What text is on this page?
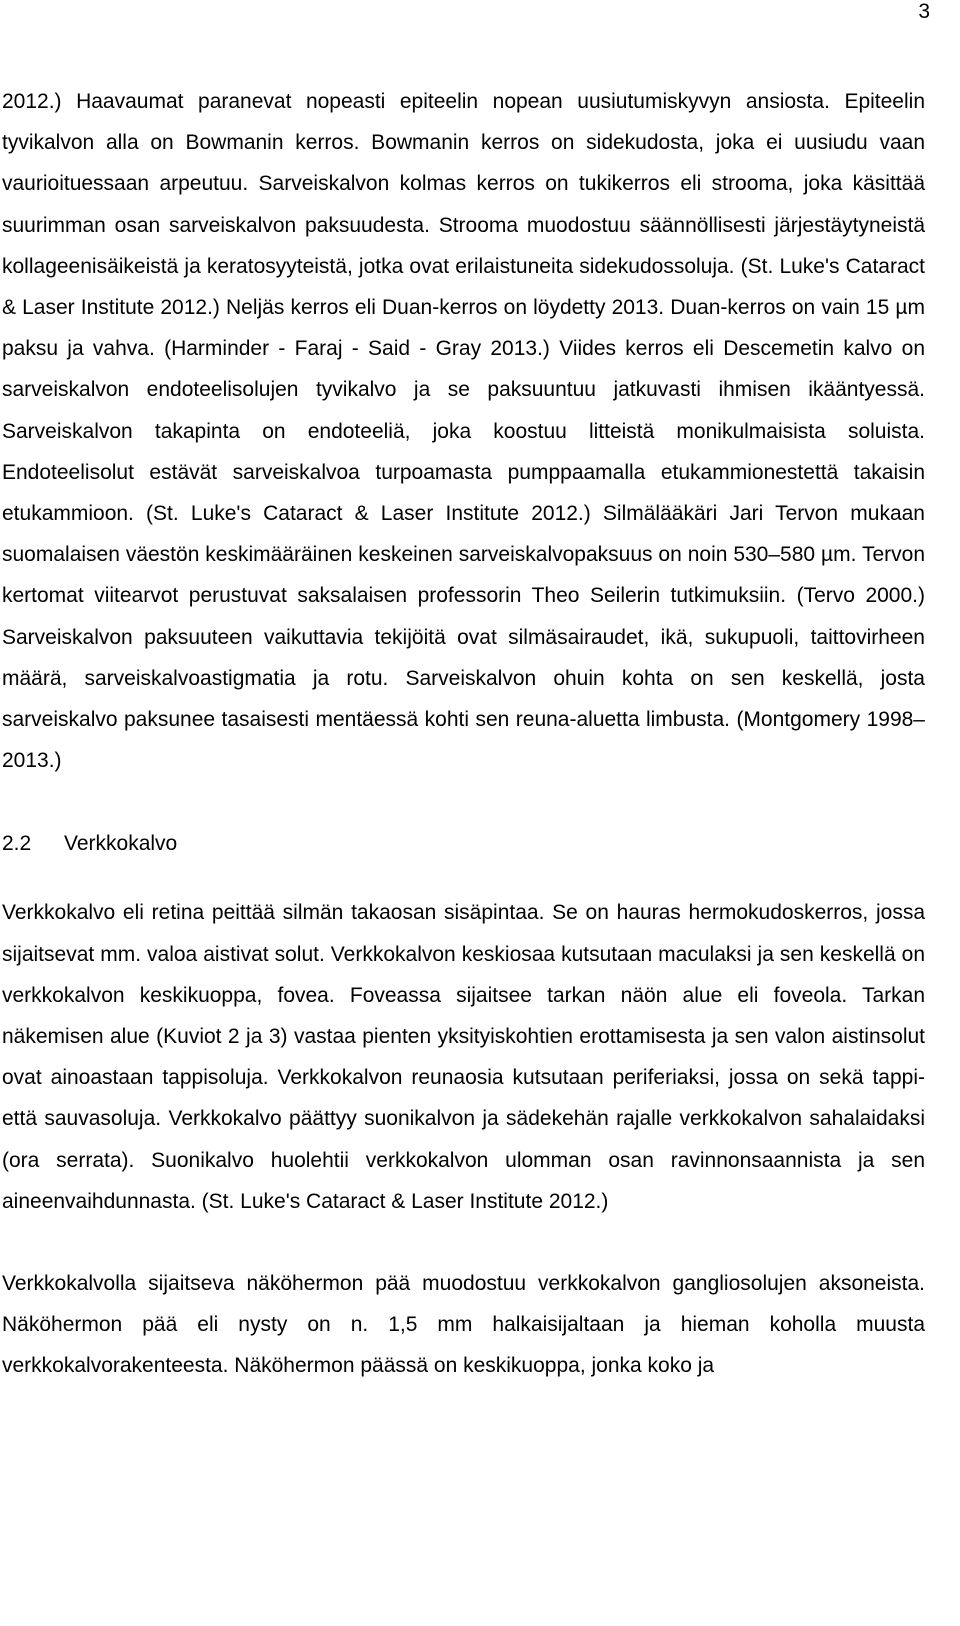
3

2012.) Haavaumat paranevat nopeasti epiteelin nopean uusiutumiskyvyn ansiosta. Epiteelin tyvikalvon alla on Bowmanin kerros. Bowmanin kerros on sidekudosta, joka ei uusiudu vaan vaurioituessaan arpeutuu. Sarveiskalvon kolmas kerros on tukikerros eli strooma, joka käsittää suurimman osan sarveiskalvon paksuudesta. Strooma muodostuu säännöllisesti järjestäytyneistä kollageenisäikeistä ja keratosyyteistä, jotka ovat erilaistuneita sidekudossoluja. (St. Luke's Cataract & Laser Institute 2012.) Neljäs kerros eli Duan-kerros on löydetty 2013. Duan-kerros on vain 15 µm paksu ja vahva. (Harminder - Faraj - Said - Gray 2013.) Viides kerros eli Descemetin kalvo on sarveiskalvon endoteelisolujen tyvikalvo ja se paksuuntuu jatkuvasti ihmisen ikääntyessä. Sarveiskalvon takapinta on endoteeliä, joka koostuu litteistä monikulmaisista soluista. Endoteelisolut estävät sarveiskalvoa turpoamasta pumppaamalla etukammionestettä takaisin etukammioon. (St. Luke's Cataract & Laser Institute 2012.) Silmälääkäri Jari Tervon mukaan suomalaisen väestön keskimääräinen keskeinen sarveiskalvopaksuus on noin 530–580 µm. Tervon kertomat viitearvot perustuvat saksalaisen professorin Theo Seilerin tutkimuksiin. (Tervo 2000.) Sarveiskalvon paksuuteen vaikuttavia tekijöitä ovat silmäsairaudet, ikä, sukupuoli, taittovirheen määrä, sarveiskalvoastigmatia ja rotu. Sarveiskalvon ohuin kohta on sen keskellä, josta sarveiskalvo paksunee tasaisesti mentäessä kohti sen reuna-aluetta limbusta. (Montgomery 1998–2013.)

2.2 Verkkokalvo

Verkkokalvo eli retina peittää silmän takaosan sisäpintaa. Se on hauras hermokudoskerros, jossa sijaitsevat mm. valoa aistivat solut. Verkkokalvon keskiosaa kutsutaan maculaksi ja sen keskellä on verkkokalvon keskikuoppa, fovea. Foveassa sijaitsee tarkan näön alue eli foveola. Tarkan näkemisen alue (Kuviot 2 ja 3) vastaa pienten yksityiskohtien erottamisesta ja sen valon aistinsolut ovat ainoastaan tappisoluja. Verkkokalvon reunaosia kutsutaan periferiaksi, jossa on sekä tappi- että sauvasoluja. Verkkokalvo päättyy suonikalvon ja sädekehän rajalle verkkokalvon sahalaidaksi (ora serrata). Suonikalvo huolehtii verkkokalvon ulomman osan ravinnonsaannista ja sen aineenvaihdunnasta. (St. Luke's Cataract & Laser Institute 2012.)

Verkkokalvolla sijaitseva näköhermon pää muodostuu verkkokalvon gangliosolujen aksoneista. Näköhermon pää eli nysty on n. 1,5 mm halkaisijaltaan ja hieman koholla muusta verkkokalvorakenteesta. Näköhermon päässä on keskikuoppa, jonka koko ja
